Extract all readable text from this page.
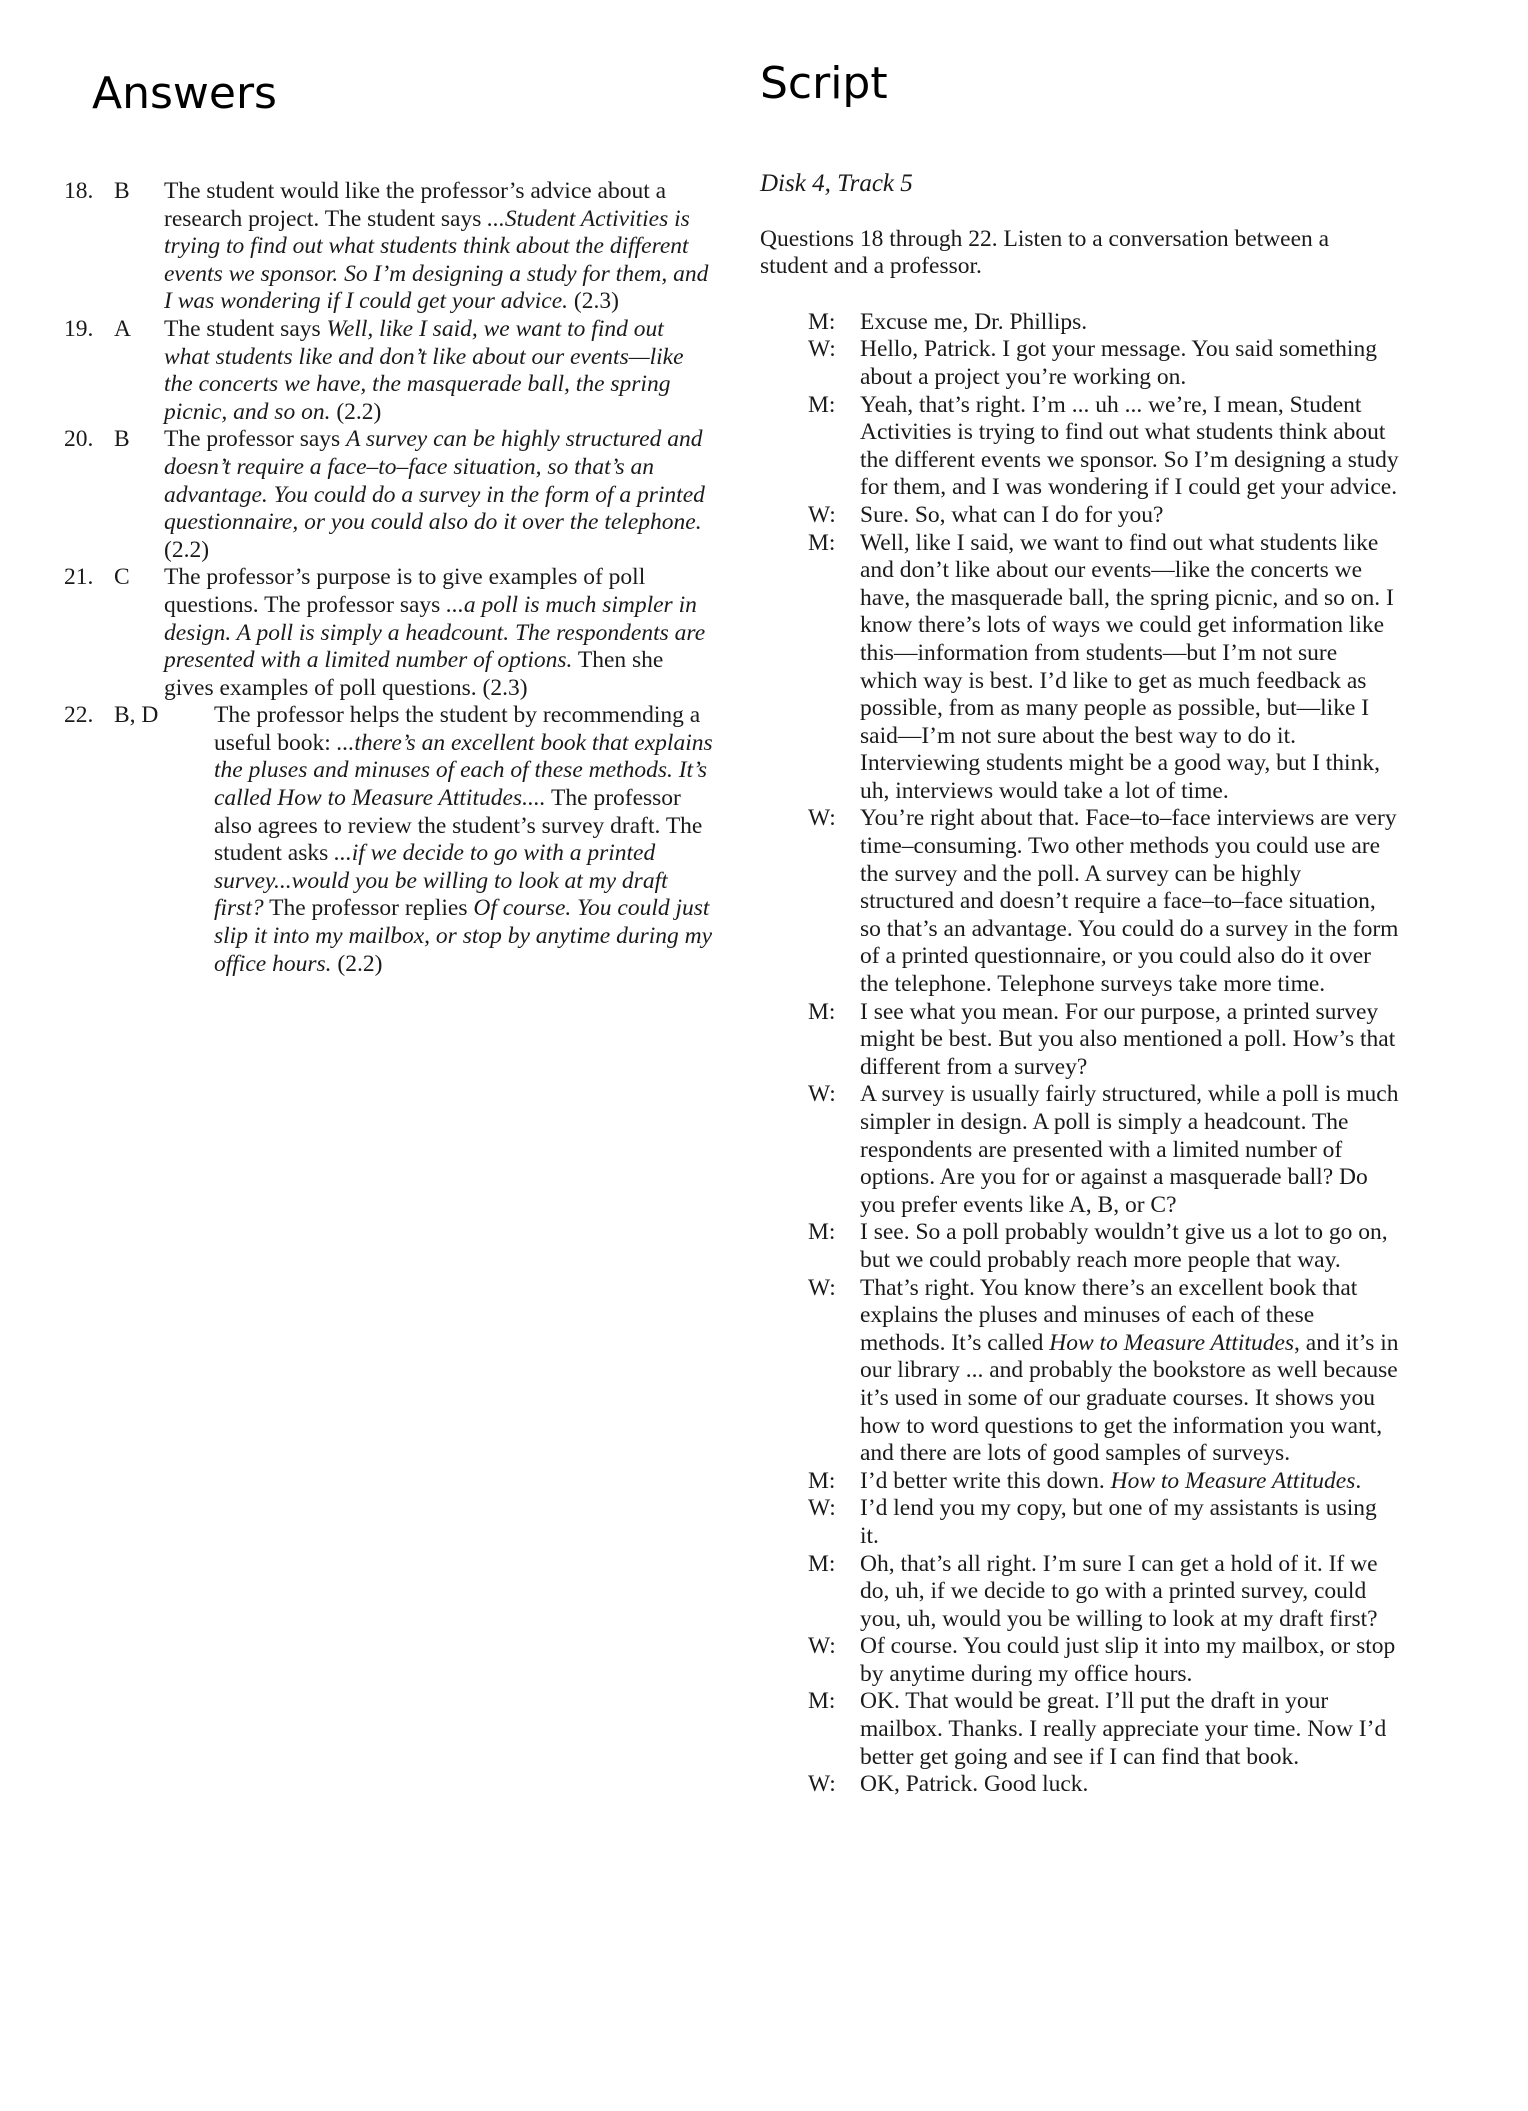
Answers	Script
18. B	The student would like the professor’s advice about a research project. The student says ...Student Activities is trying to find out what students think about the different events we sponsor. So I’m designing a study for them, and I was wondering if I could get your advice. (2.3)
19. A	The student says Well, like I said, we want to find out what students like and don’t like about our events—like the concerts we have, the masquerade ball, the spring picnic, and so on. (2.2)
20. B	The professor says A survey can be highly structured and doesn’t require a face–to–face situation, so that’s an advantage. You could do a survey in the form of a printed questionnaire, or you could also do it over the telephone. (2.2)
21. C	The professor’s purpose is to give examples of poll questions. The professor says ...a poll is much simpler in design. A poll is simply a headcount. The respondents are presented with a limited number of options. Then she gives examples of poll questions. (2.3)
22. B, D	The professor helps the student by recommending a useful book: ...there’s an excellent book that explains the pluses and minuses of each of these methods. It’s called How to Measure Attitudes.... The professor also agrees to review the student’s survey draft. The student asks ...if we decide to go with a printed survey...would you be willing to look at my draft first? The professor replies Of course. You could just slip it into my mailbox, or stop by anytime during my office hours. (2.2)
Disk 4, Track 5
Questions 18 through 22. Listen to a conversation between a student and a professor.
M:	Excuse me, Dr. Phillips.
W:	Hello, Patrick. I got your message. You said something about a project you’re working on.
M:	Yeah, that’s right. I’m ... uh ... we’re, I mean, Student Activities is trying to find out what students think about the different events we sponsor. So I’m designing a study for them, and I was wondering if I could get your advice.
W:	Sure. So, what can I do for you?
M:	Well, like I said, we want to find out what students like and don’t like about our events—like the concerts we have, the masquerade ball, the spring picnic, and so on. I know there’s lots of ways we could get information like this—information from students—but I’m not sure which way is best. I’d like to get as much feedback as possible, from as many people as possible, but—like I said—I’m not sure about the best way to do it. Interviewing students might be a good way, but I think, uh, interviews would take a lot of time.
W:	You’re right about that. Face–to–face interviews are very time–consuming. Two other methods you could use are the survey and the poll. A survey can be highly structured and doesn’t require a face–to–face situation, so that’s an advantage. You could do a survey in the form of a printed questionnaire, or you could also do it over the telephone. Telephone surveys take more time.
M:	I see what you mean. For our purpose, a printed survey might be best. But you also mentioned a poll. How’s that different from a survey?
W:	A survey is usually fairly structured, while a poll is much simpler in design. A poll is simply a headcount. The respondents are presented with a limited number of options. Are you for or against a masquerade ball? Do you prefer events like A, B, or C?
M:	I see. So a poll probably wouldn’t give us a lot to go on, but we could probably reach more people that way.
W:	That’s right. You know there’s an excellent book that explains the pluses and minuses of each of these methods. It’s called How to Measure Attitudes, and it’s in our library ... and probably the bookstore as well because it’s used in some of our graduate courses. It shows you how to word questions to get the information you want, and there are lots of good samples of surveys.
M:	I’d better write this down. How to Measure Attitudes.
W:	I’d lend you my copy, but one of my assistants is using it.
M:	Oh, that’s all right. I’m sure I can get a hold of it. If we do, uh, if we decide to go with a printed survey, could you, uh, would you be willing to look at my draft first?
W:	Of course. You could just slip it into my mailbox, or stop by anytime during my office hours.
M:	OK. That would be great. I’ll put the draft in your mailbox. Thanks. I really appreciate your time. Now I’d better get going and see if I can find that book.
W:	OK, Patrick. Good luck.
